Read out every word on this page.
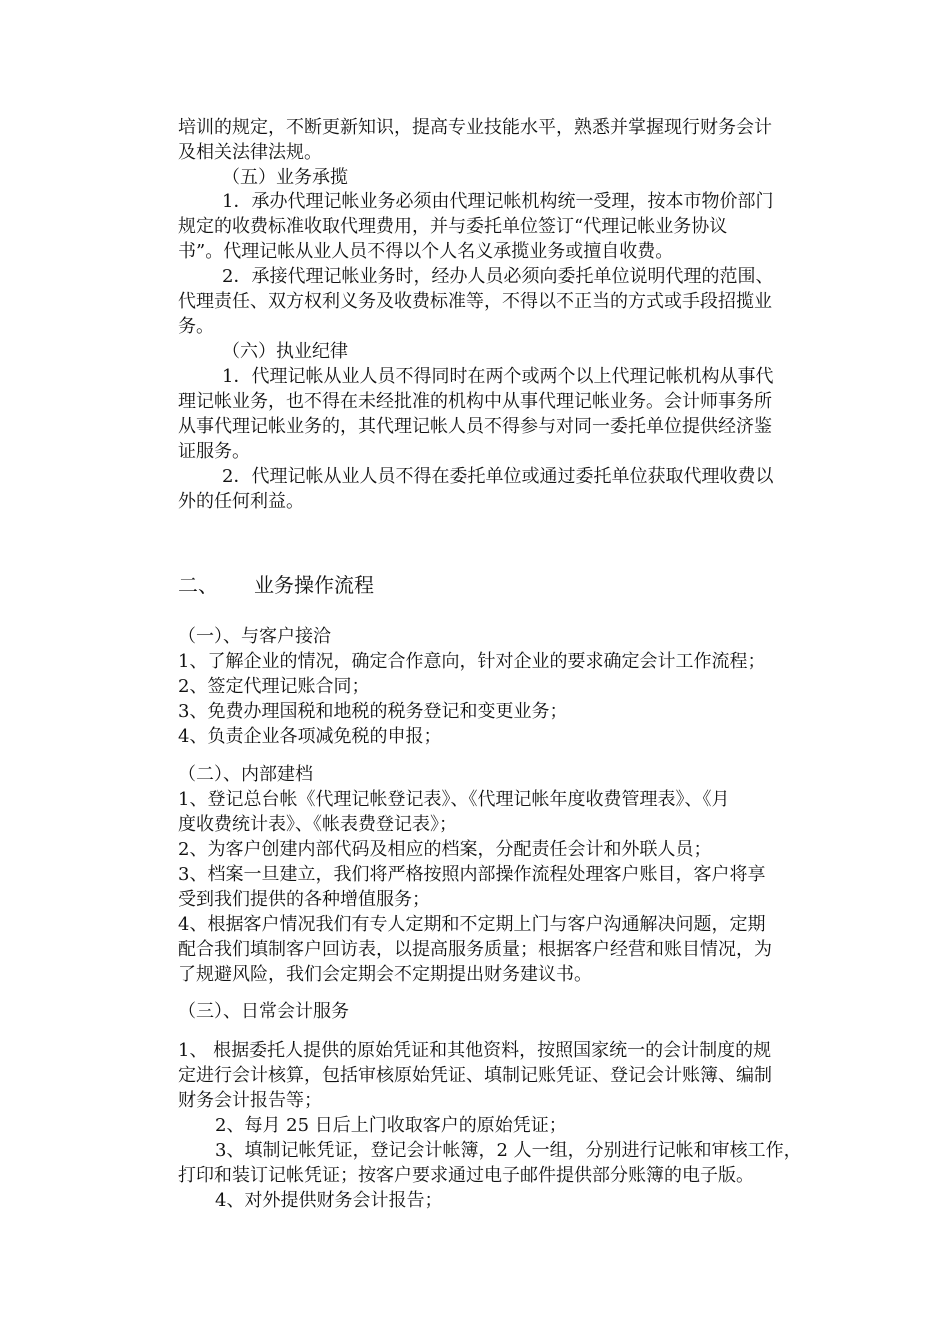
培训的规定，不断更新知识，提高专业技能水平，熟悉并掌握现行财务会计
及相关法律法规。
（五）业务承揽
1．承办代理记帐业务必须由代理记帐机构统一受理，按本市物价部门
规定的收费标准收取代理费用，并与委托单位签订“代理记帐业务协议
书”。代理记帐从业人员不得以个人名义承揽业务或擅自收费。
2．承接代理记帐业务时，经办人员必须向委托单位说明代理的范围、
代理责任、双方权利义务及收费标准等，不得以不正当的方式或手段招揽业
务。
（六）执业纪律
1．代理记帐从业人员不得同时在两个或两个以上代理记帐机构从事代
理记帐业务，也不得在未经批准的机构中从事代理记帐业务。会计师事务所
从事代理记帐业务的，其代理记帐人员不得参与对同一委托单位提供经济鉴
证服务。
2．代理记帐从业人员不得在委托单位或通过委托单位获取代理收费以
外的任何利益。
二、 业务操作流程
（一）、与客户接洽
1、了解企业的情况，确定合作意向，针对企业的要求确定会计工作流程；
2、签定代理记账合同；
3、免费办理国税和地税的税务登记和变更业务；
4、负责企业各项减免税的申报；
（二）、内部建档
1、登记总台帐《代理记帐登记表》、《代理记帐年度收费管理表》、《月
度收费统计表》、《帐表费登记表》；
2、为客户创建内部代码及相应的档案，分配责任会计和外联人员；
3、档案一旦建立，我们将严格按照内部操作流程处理客户账目，客户将享
受到我们提供的各种增值服务；
4、根据客户情况我们有专人定期和不定期上门与客户沟通解决问题，定期
配合我们填制客户回访表，以提高服务质量；根据客户经营和账目情况，为
了规避风险，我们会定期会不定期提出财务建议书。
（三）、日常会计服务
1、 根据委托人提供的原始凭证和其他资料，按照国家统一的会计制度的规
定进行会计核算，包括审核原始凭证、填制记账凭证、登记会计账簿、编制
财务会计报告等；
2、每月 25 日后上门收取客户的原始凭证；
3、填制记帐凭证，登记会计帐簿，2 人一组，分别进行记帐和审核工作，
打印和装订记帐凭证；按客户要求通过电子邮件提供部分账簿的电子版。
4、对外提供财务会计报告；
